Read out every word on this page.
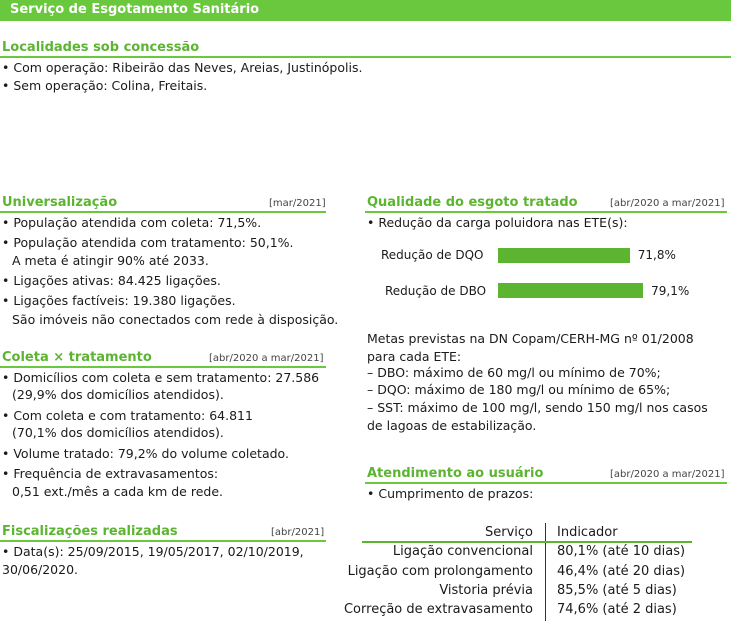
Serviço de Esgotamento Sanitário
Localidades sob concessão
• Com operação: Ribeirão das Neves, Areias, Justinópolis.
• Sem operação: Colina, Freitais.
Universalização	[mar/2021]
• População atendida com coleta: 71,5%.
• População atendida com tratamento: 50,1%.
A meta é atingir 90% até 2033.
• Ligações ativas: 84.425 ligações.
• Ligações factíveis: 19.380 ligações.
São imóveis não conectados com rede à disposição.
Coleta × tratamento	[abr/2020 a mar/2021]
• Domicílios com coleta e sem tratamento: 27.586
(29,9% dos domicílios atendidos).
• Com coleta e com tratamento: 64.811
(70,1% dos domicílios atendidos).
• Volume tratado: 79,2% do volume coletado.
• Frequência de extravasamentos:
0,51 ext./mês a cada km de rede.
Fiscalizações realizadas	[abr/2021]
• Data(s): 25/09/2015, 19/05/2017, 02/10/2019,
30/06/2020.
Qualidade do esgoto tratado	[abr/2020 a mar/2021]
• Redução da carga poluidora nas ETE(s):
Redução de DQO	71,8%
Redução de DBO	79,1%
Metas previstas na DN Copam/CERH-MG nº 01/2008
para cada ETE:
– DBO: máximo de 60 mg/l ou mínimo de 70%;
– DQO: máximo de 180 mg/l ou mínimo de 65%;
– SST: máximo de 100 mg/l, sendo 150 mg/l nos casos
de lagoas de estabilização.
Atendimento ao usuário	[abr/2020 a mar/2021]
• Cumprimento de prazos:
Serviço Indicador
Ligação convencional 80,1% (até 10 dias)
Ligação com prolongamento 46,4% (até 20 dias)
Vistoria prévia 85,5% (até 5 dias)
Correção de extravasamento 74,6% (até 2 dias)
